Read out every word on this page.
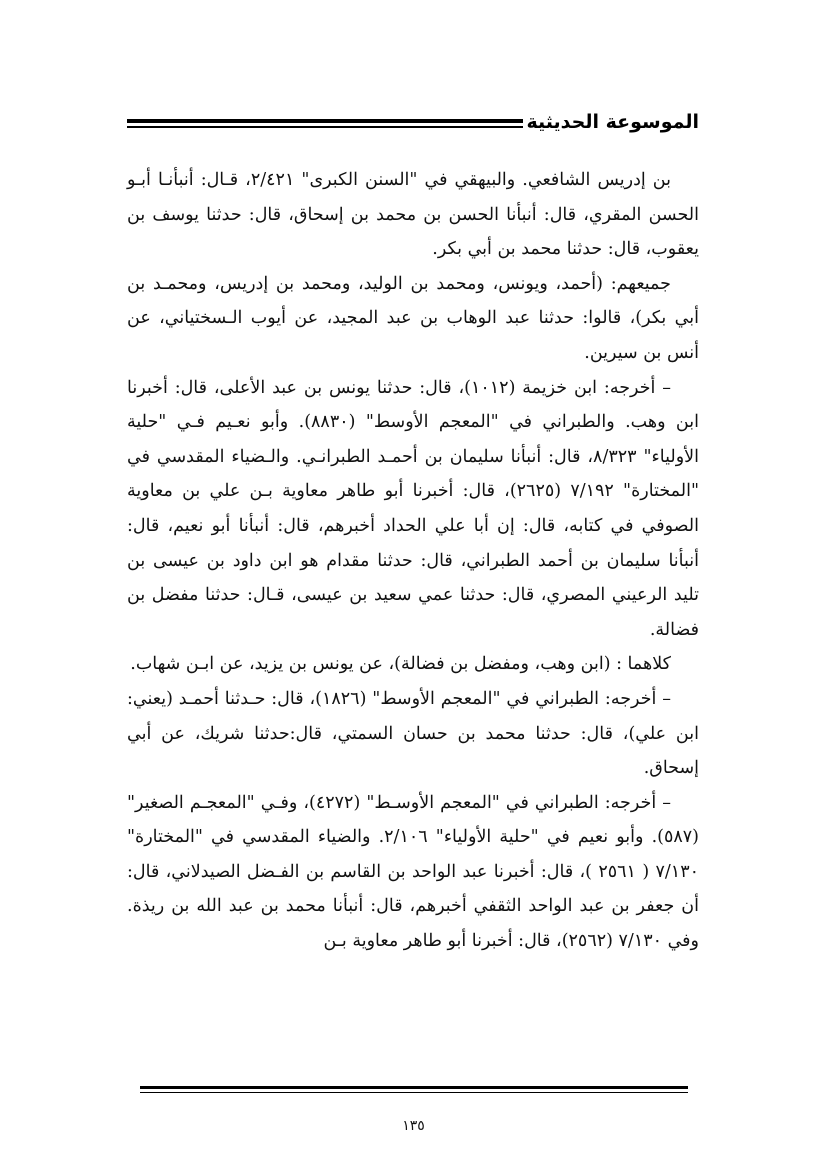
الموسوعة الحديثية

بن إدريس الشافعي. والبيهقي في "السنن الكبرى" ٢/٤٢١، قـال: أنبأنـا أبـو الحسن المقري، قال: أنبأنا الحسن بن محمد بن إسحاق، قال: حدثنا يوسف بن يعقوب، قال: حدثنا محمد بن أبي بكر.

جميعهم: (أحمد، ويونس، ومحمد بن الوليد، ومحمد بن إدريس، ومحمـد بن أبي بكر)، قالوا: حدثنا عبد الوهاب بن عبد المجيد، عن أيوب الـسختياني، عن أنس بن سيرين.

– أخرجه: ابن خزيمة (١٠١٢)، قال: حدثنا يونس بن عبد الأعلى، قال: أخبرنا ابن وهب. والطبراني في "المعجم الأوسط" (٨٨٣٠). وأبو نعـيم فـي "حلية الأولياء" ٨/٣٢٣، قال: أنبأنا سليمان بن أحمـد الطبرانـي. والـضياء المقدسي في "المختارة" ٧/١٩٢ (٢٦٢٥)، قال: أخبرنا أبو طاهر معاوية بـن علي بن معاوية الصوفي في كتابه، قال: إن أبا علي الحداد أخبرهم، قال: أنبأنا أبو نعيم، قال: أنبأنا سليمان بن أحمد الطبراني، قال: حدثنا مقدام هو ابن داود بن عيسى بن تليد الرعيني المصري، قال: حدثنا عمي سعيد بن عيسى، قـال: حدثنا مفضل بن فضالة.

كلاهما : (ابن وهب، ومفضل بن فضالة)، عن يونس بن يزيد، عن ابـن شهاب.

– أخرجه: الطبراني في "المعجم الأوسط" (١٨٢٦)، قال: حـدثنا أحمـد (يعني: ابن علي)، قال: حدثنا محمد بن حسان السمتي، قال:حدثنا شريك، عن أبي إسحاق.

– أخرجه: الطبراني في "المعجم الأوسـط" (٤٢٧٢)، وفـي "المعجـم الصغير" (٥٨٧). وأبو نعيم في "حلية الأولياء" ٢/١٠٦. والضياء المقدسي في "المختارة" ٧/١٣٠ ( ٢٥٦١ )، قال: أخبرنا عبد الواحد بن القاسم بن الفـضل الصيدلاني، قال: أن جعفر بن عبد الواحد الثقفي أخبرهم، قال: أنبأنا محمد بن عبد الله بن ريذة. وفي ٧/١٣٠ (٢٥٦٢)، قال: أخبرنا أبو طاهر معاوية بـن

١٣٥
